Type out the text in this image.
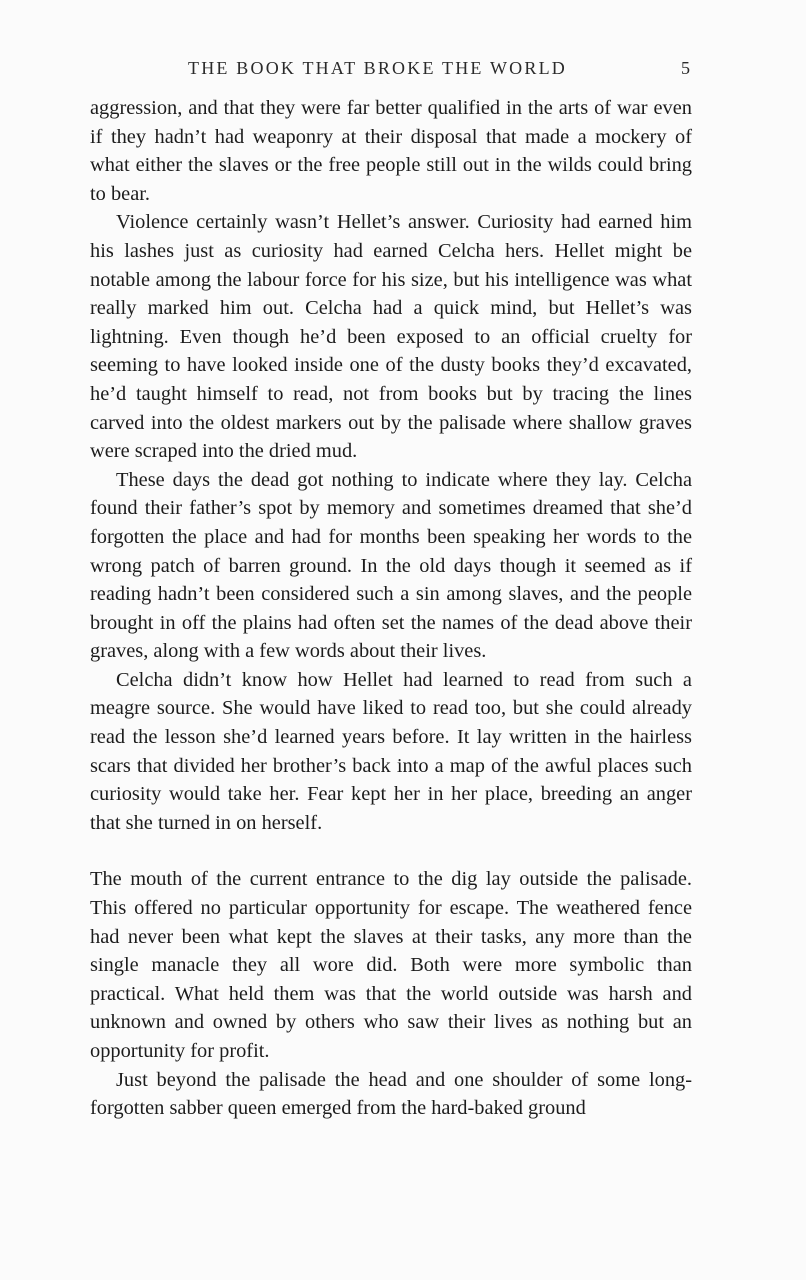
THE BOOK THAT BROKE THE WORLD	5

aggression, and that they were far better qualified in the arts of war even if they hadn’t had weaponry at their disposal that made a mockery of what either the slaves or the free people still out in the wilds could bring to bear.

Violence certainly wasn’t Hellet’s answer. Curiosity had earned him his lashes just as curiosity had earned Celcha hers. Hellet might be notable among the labour force for his size, but his intelligence was what really marked him out. Celcha had a quick mind, but Hellet’s was lightning. Even though he’d been exposed to an official cruelty for seeming to have looked inside one of the dusty books they’d excavated, he’d taught himself to read, not from books but by tracing the lines carved into the oldest markers out by the palisade where shallow graves were scraped into the dried mud.

These days the dead got nothing to indicate where they lay. Celcha found their father’s spot by memory and sometimes dreamed that she’d forgotten the place and had for months been speaking her words to the wrong patch of barren ground. In the old days though it seemed as if reading hadn’t been considered such a sin among slaves, and the people brought in off the plains had often set the names of the dead above their graves, along with a few words about their lives.

Celcha didn’t know how Hellet had learned to read from such a meagre source. She would have liked to read too, but she could already read the lesson she’d learned years before. It lay written in the hairless scars that divided her brother’s back into a map of the awful places such curiosity would take her. Fear kept her in her place, breeding an anger that she turned in on herself.

The mouth of the current entrance to the dig lay outside the palisade. This offered no particular opportunity for escape. The weathered fence had never been what kept the slaves at their tasks, any more than the single manacle they all wore did. Both were more symbolic than practical. What held them was that the world outside was harsh and unknown and owned by others who saw their lives as nothing but an opportunity for profit.

Just beyond the palisade the head and one shoulder of some long-forgotten sabber queen emerged from the hard-baked ground
